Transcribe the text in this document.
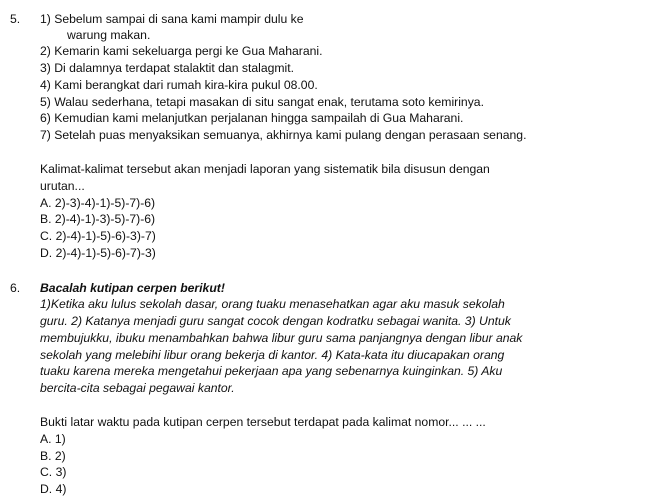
5. 1) Sebelum sampai di sana kami mampir dulu ke
warung makan.
2) Kemarin kami sekeluarga pergi ke Gua Maharani.
3) Di dalamnya terdapat stalaktit dan stalagmit.
4) Kami berangkat dari rumah kira-kira pukul 08.00.
5) Walau sederhana, tetapi masakan di situ sangat enak, terutama soto kemirinya.
6) Kemudian kami melanjutkan perjalanan hingga sampailah di Gua Maharani.
7) Setelah puas menyaksikan semuanya, akhirnya kami pulang dengan perasaan senang.
Kalimat-kalimat tersebut akan menjadi laporan yang sistematik bila disusun dengan
urutan...
A. 2)-3)-4)-1)-5)-7)-6)
B. 2)-4)-1)-3)-5)-7)-6)
C. 2)-4)-1)-5)-6)-3)-7)
D. 2)-4)-1)-5)-6)-7)-3)
6. Bacalah kutipan cerpen berikut!
1)Ketika aku lulus sekolah dasar, orang tuaku menasehatkan agar aku masuk sekolah
guru. 2) Katanya menjadi guru sangat cocok dengan kodratku sebagai wanita. 3) Untuk
membujukku, ibuku menambahkan bahwa libur guru sama panjangnya dengan libur anak
sekolah yang melebihi libur orang bekerja di kantor. 4) Kata-kata itu diucapakan orang
tuaku karena mereka mengetahui pekerjaan apa yang sebenarnya kuinginkan. 5) Aku
bercita-cita sebagai pegawai kantor.
Bukti latar waktu pada kutipan cerpen tersebut terdapat pada kalimat nomor... ... ...
A. 1)
B. 2)
C. 3)
D. 4)
